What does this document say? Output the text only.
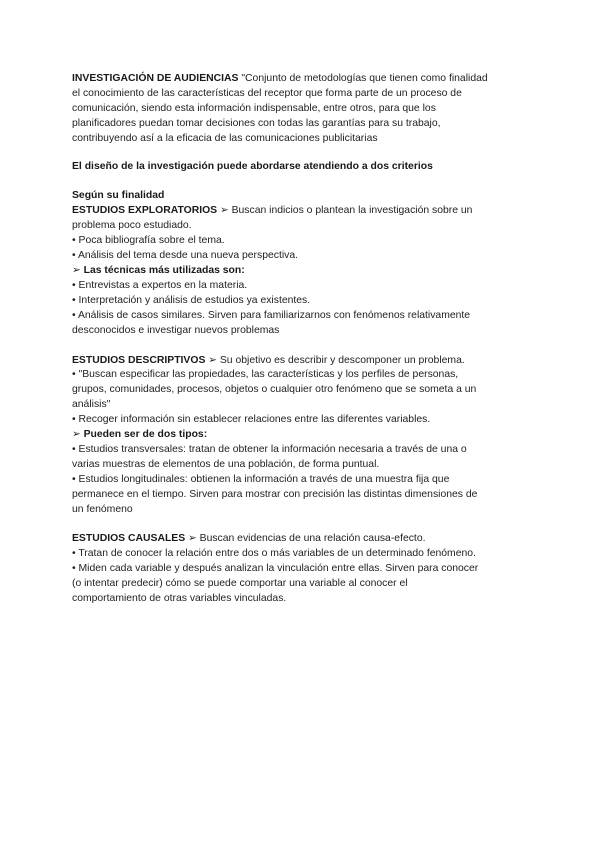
INVESTIGACIÓN DE AUDIENCIAS "Conjunto de metodologías que tienen como finalidad

el conocimiento de las características del receptor que forma parte de un proceso de

comunicación, siendo esta información indispensable, entre otros, para que los

planificadores puedan tomar decisiones con todas las garantías para su trabajo,

contribuyendo así a la eficacia de las comunicaciones publicitarias

El diseño de la investigación puede abordarse atendiendo a dos criterios

Según su finalidad

ESTUDIOS EXPLORATORIOS ➢ Buscan indicios o plantean la investigación sobre un

problema poco estudiado.

• Poca bibliografía sobre el tema.

• Análisis del tema desde una nueva perspectiva.

➢ Las técnicas más utilizadas son:

• Entrevistas a expertos en la materia.

• Interpretación y análisis de estudios ya existentes.

• Análisis de casos similares. Sirven para familiarizarnos con fenómenos relativamente

desconocidos e investigar nuevos problemas

ESTUDIOS DESCRIPTIVOS ➢ Su objetivo es describir y descomponer un problema.

• "Buscan especificar las propiedades, las características y los perfiles de personas,

grupos, comunidades, procesos, objetos o cualquier otro fenómeno que se someta a un

análisis"

• Recoger información sin establecer relaciones entre las diferentes variables.

➢ Pueden ser de dos tipos:

• Estudios transversales: tratan de obtener la información necesaria a través de una o

varias muestras de elementos de una población, de forma puntual.

• Estudios longitudinales: obtienen la información a través de una muestra fija que

permanece en el tiempo. Sirven para mostrar con precisión las distintas dimensiones de

un fenómeno

ESTUDIOS CAUSALES ➢ Buscan evidencias de una relación causa-efecto.

• Tratan de conocer la relación entre dos o más variables de un determinado fenómeno.

• Miden cada variable y después analizan la vinculación entre ellas. Sirven para conocer

(o intentar predecir) cómo se puede comportar una variable al conocer el

comportamiento de otras variables vinculadas.
